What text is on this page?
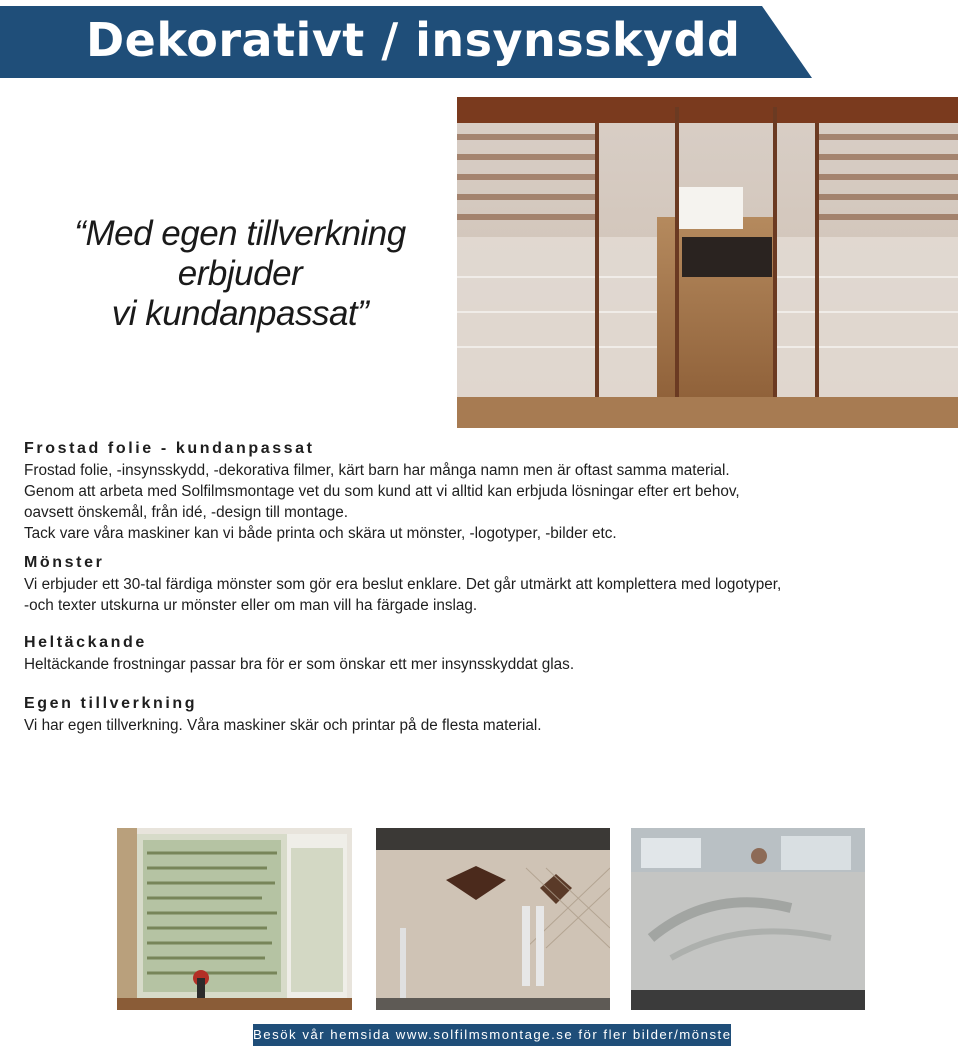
Dekorativt / insynsskydd

“Med egen tillverkning
erbjuder
vi kundanpassat”

Frostad folie - kundanpassat

Frostad folie, -insynsskydd, -dekorativa filmer, kärt barn har många namn men är oftast samma material.

Genom att arbeta med Solfilmsmontage vet du som kund att vi alltid kan erbjuda lösningar efter ert behov,

oavsett önskemål, från idé, -design till montage.

Tack vare våra maskiner kan vi både printa och skära ut mönster, -logotyper, -bilder etc.

Mönster

Vi erbjuder ett 30-tal färdiga mönster som gör era beslut enklare. Det går utmärkt att komplettera med logotyper,

-och texter utskurna ur mönster eller om man vill ha färgade inslag.

Heltäckande

Heltäckande frostningar passar bra för er som önskar ett mer insynsskyddat glas.

Egen tillverkning

Vi har egen tillverkning. Våra maskiner skär och printar på de flesta material.

Besök vår hemsida www.solfilmsmontage.se för fler bilder/mönster
